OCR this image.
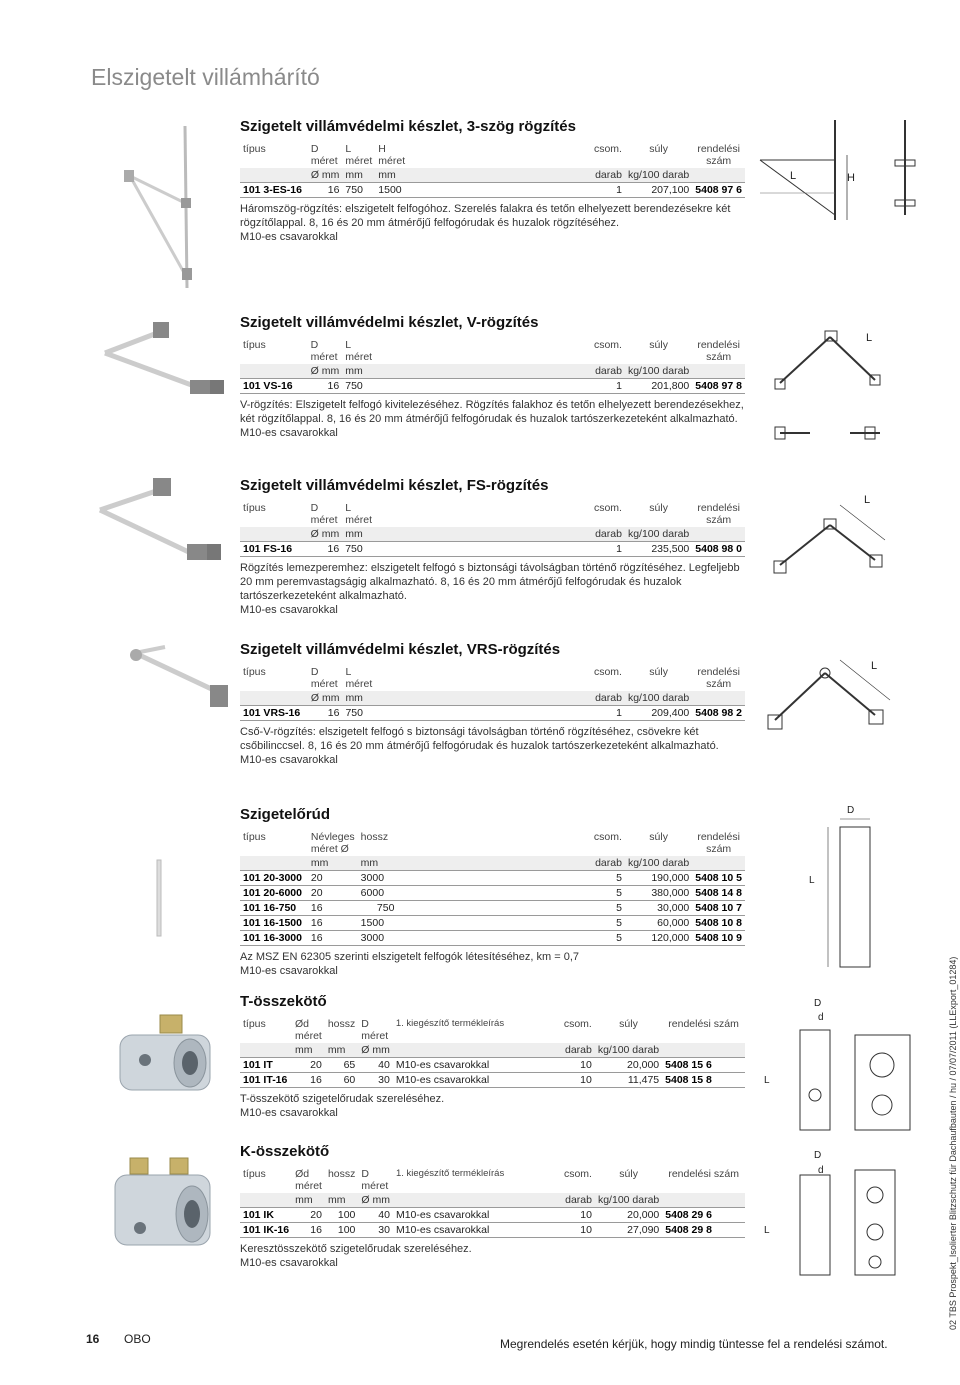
Elszigetelt villámhárító
Szigetelt villámvédelmi készlet, 3-szög rögzítés
típus	D méret	L méret	H méret	csom.	súly	rendelési szám
	Ø mm	mm	mm	darab	kg/100 darab	
101 3-ES-16	16	750	1500	1	207,100	5408 97 6

Háromszög-rögzítés: elszigetelt felfogóhoz. Szerelés falakra és tetőn elhelyezett berendezésekre két rögzítőlappal. 8, 16 és 20 mm átmérőjű felfogórudak és huzalok rögzítéséhez.

M10-es csavarokkal

Szigetelt villámvédelmi készlet, V-rögzítés
típus	D méret	L méret	csom.	súly	rendelési szám
	Ø mm	mm	darab	kg/100 darab	
101 VS-16	16	750	1	201,800	5408 97 8

V-rögzítés: Elszigetelt felfogó kivitelezéséhez. Rögzítés falakhoz és tetőn elhelyezett berendezésekhez, két rögzítőlappal. 8, 16 és 20 mm átmérőjű felfogórudak és huzalok tartószerkezeteként alkalmazható.

M10-es csavarokkal

Szigetelt villámvédelmi készlet, FS-rögzítés
típus	D méret	L méret	csom.	súly	rendelési szám
	Ø mm	mm	darab	kg/100 darab	
101 FS-16	16	750	1	235,500	5408 98 0

Rögzítés lemezperemhez: elszigetelt felfogó s biztonsági távolságban történő rögzítéséhez. Legfeljebb 20 mm peremvastagságig alkalmazható. 8, 16 és 20 mm átmérőjű felfogórudak és huzalok tartószerkezeteként alkalmazható.

M10-es csavarokkal

Szigetelt villámvédelmi készlet, VRS-rögzítés
típus	D méret	L méret	csom.	súly	rendelési szám
	Ø mm	mm	darab	kg/100 darab	
101 VRS-16	16	750	1	209,400	5408 98 2

Cső-V-rögzítés: elszigetelt felfogó s biztonsági távolságban történő rögzítéséhez, csövekre két csőbilinccsel. 8, 16 és 20 mm átmérőjű felfogórudak és huzalok tartószerkezeteként alkalmazható.

M10-es csavarokkal

Szigetelőrúd
típus	Névleges méret Ø	hossz	csom.	súly	rendelési szám
	mm	mm	darab	kg/100 darab	
101 20-3000	20	3000	5	190,000	5408 10 5
101 20-6000	20	6000	5	380,000	5408 14 8
101 16-750	16	750	5	30,000	5408 10 7
101 16-1500	16	1500	5	60,000	5408 10 8
101 16-3000	16	3000	5	120,000	5408 10 9

Az MSZ EN 62305 szerinti elszigetelt felfogók létesítéséhez, km = 0,7

M10-es csavarokkal

T-összekötő
típus	Ød méret	hossz	D méret	1. kiegészítő termékleírás	csom.	súly	rendelési szám
	mm	mm	Ø mm		darab	kg/100 darab	
101 IT	20	65	40	M10-es csavarokkal	10	20,000	5408 15 6
101 IT-16	16	60	30	M10-es csavarokkal	10	11,475	5408 15 8

T-összekötő szigetelőrudak szereléséhez.

M10-es csavarokkal

K-összekötő
típus	Ød méret	hossz	D méret	1. kiegészítő termékleírás	csom.	súly	rendelési szám
	mm	mm	Ø mm		darab	kg/100 darab	
101 IK	20	100	40	M10-es csavarokkal	10	20,000	5408 29 6
101 IK-16	16	100	30	M10-es csavarokkal	10	27,090	5408 29 8

Keresztösszekötő szigetelőrudak szereléséhez.

M10-es csavarokkal

L	H
L
L
L
D
L
D
d
L
D
d
L
16 OBO	Megrendelés esetén kérjük, hogy mindig tüntesse fel a rendelési számot.
02 TBS Prospekt_Isolierter Blitzschutz für Dachaufbauten / hu / 07/07/2011 (LLExport_01284)
